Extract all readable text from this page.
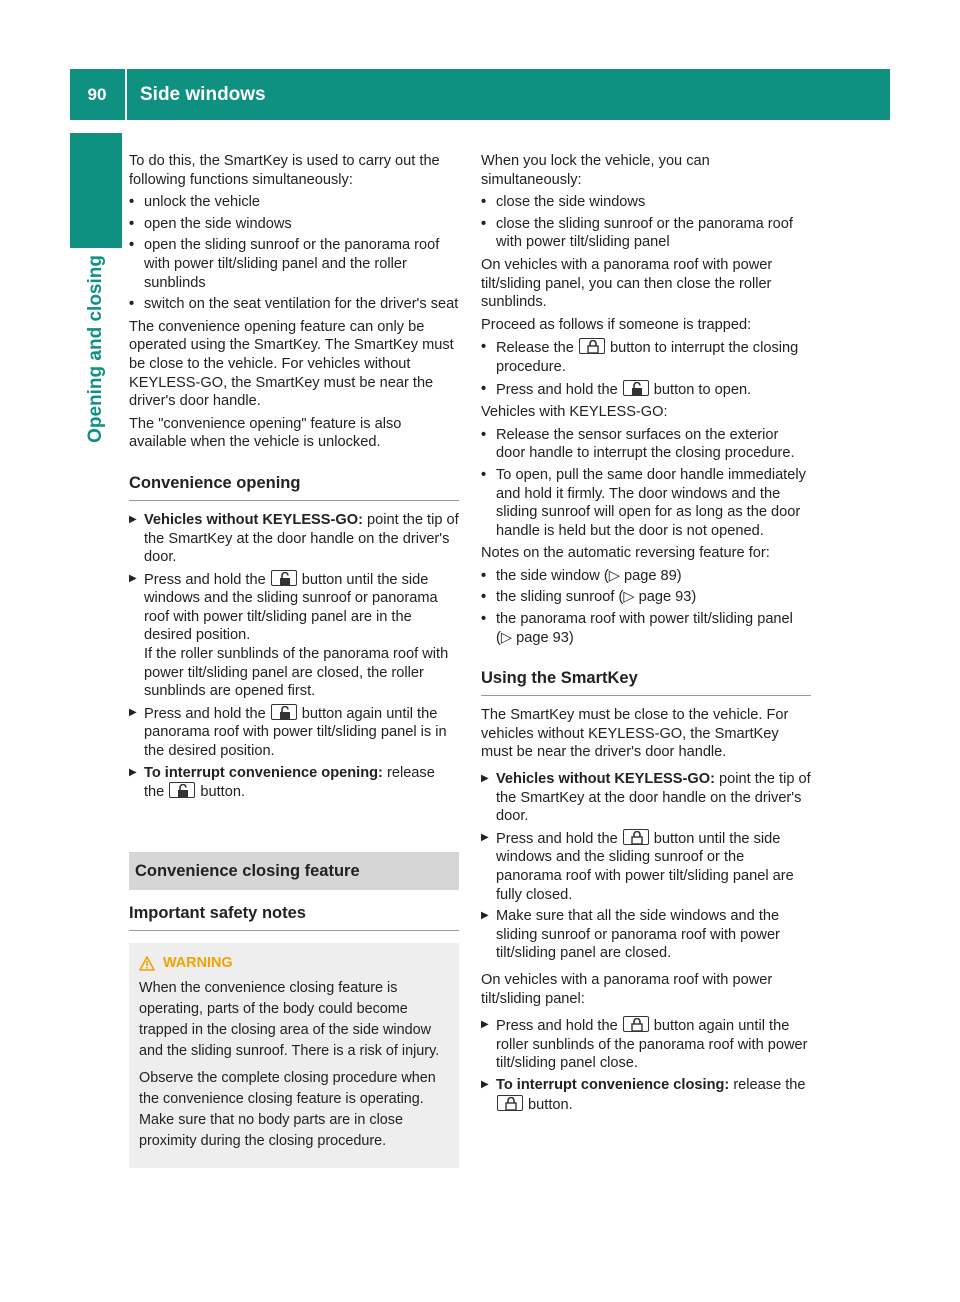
90	Side windows
Opening and closing

To do this, the SmartKey is used to carry out the following functions simultaneously:

• unlock the vehicle
• open the side windows
• open the sliding sunroof or the panorama roof with power tilt/sliding panel and the roller sunblinds
• switch on the seat ventilation for the driver's seat

The convenience opening feature can only be operated using the SmartKey. The SmartKey must be close to the vehicle. For vehicles without KEYLESS-GO, the SmartKey must be near the driver's door handle.

The "convenience opening" feature is also available when the vehicle is unlocked.

Convenience opening
▶ Vehicles without KEYLESS-GO: point the tip of the SmartKey at the door handle on the driver's door.
▶ Press and hold the
button until the side windows and the sliding sunroof or panorama roof with power tilt/sliding panel are in the desired position.
If the roller sunblinds of the panorama roof with power tilt/sliding panel are closed, the roller sunblinds are opened first.
▶ Press and hold the
button again until the panorama roof with power tilt/sliding panel is in the desired position.
▶ To interrupt convenience opening: release the
button.
Convenience closing feature
Important safety notes
WARNING

When the convenience closing feature is operating, parts of the body could become trapped in the closing area of the side window and the sliding sunroof. There is a risk of injury.

Observe the complete closing procedure when the convenience closing feature is operating. Make sure that no body parts are in close proximity during the closing procedure.

When you lock the vehicle, you can simultaneously:

• close the side windows
• close the sliding sunroof or the panorama roof with power tilt/sliding panel

On vehicles with a panorama roof with power tilt/sliding panel, you can then close the roller sunblinds.

Proceed as follows if someone is trapped:

• Release the
button to interrupt the closing procedure.
• Press and hold the
button to open.

Vehicles with KEYLESS-GO:

• Release the sensor surfaces on the exterior door handle to interrupt the closing procedure.
• To open, pull the same door handle immediately and hold it firmly. The door windows and the sliding sunroof will open for as long as the door handle is held but the door is not opened.

Notes on the automatic reversing feature for:

• the side window (▷ page 89)
• the sliding sunroof (▷ page 93)
• the panorama roof with power tilt/sliding panel (▷ page 93)
Using the SmartKey

The SmartKey must be close to the vehicle. For vehicles without KEYLESS-GO, the SmartKey must be near the driver's door handle.

▶ Vehicles without KEYLESS-GO: point the tip of the SmartKey at the door handle on the driver's door.
▶ Press and hold the
button until the side windows and the sliding sunroof or the panorama roof with power tilt/sliding panel are fully closed.
▶ Make sure that all the side windows and the sliding sunroof or panorama roof with power tilt/sliding panel are closed.

On vehicles with a panorama roof with power tilt/sliding panel:

▶ Press and hold the
button again until the roller sunblinds of the panorama roof with power tilt/sliding panel close.
▶ To interrupt convenience closing: release the
button.
